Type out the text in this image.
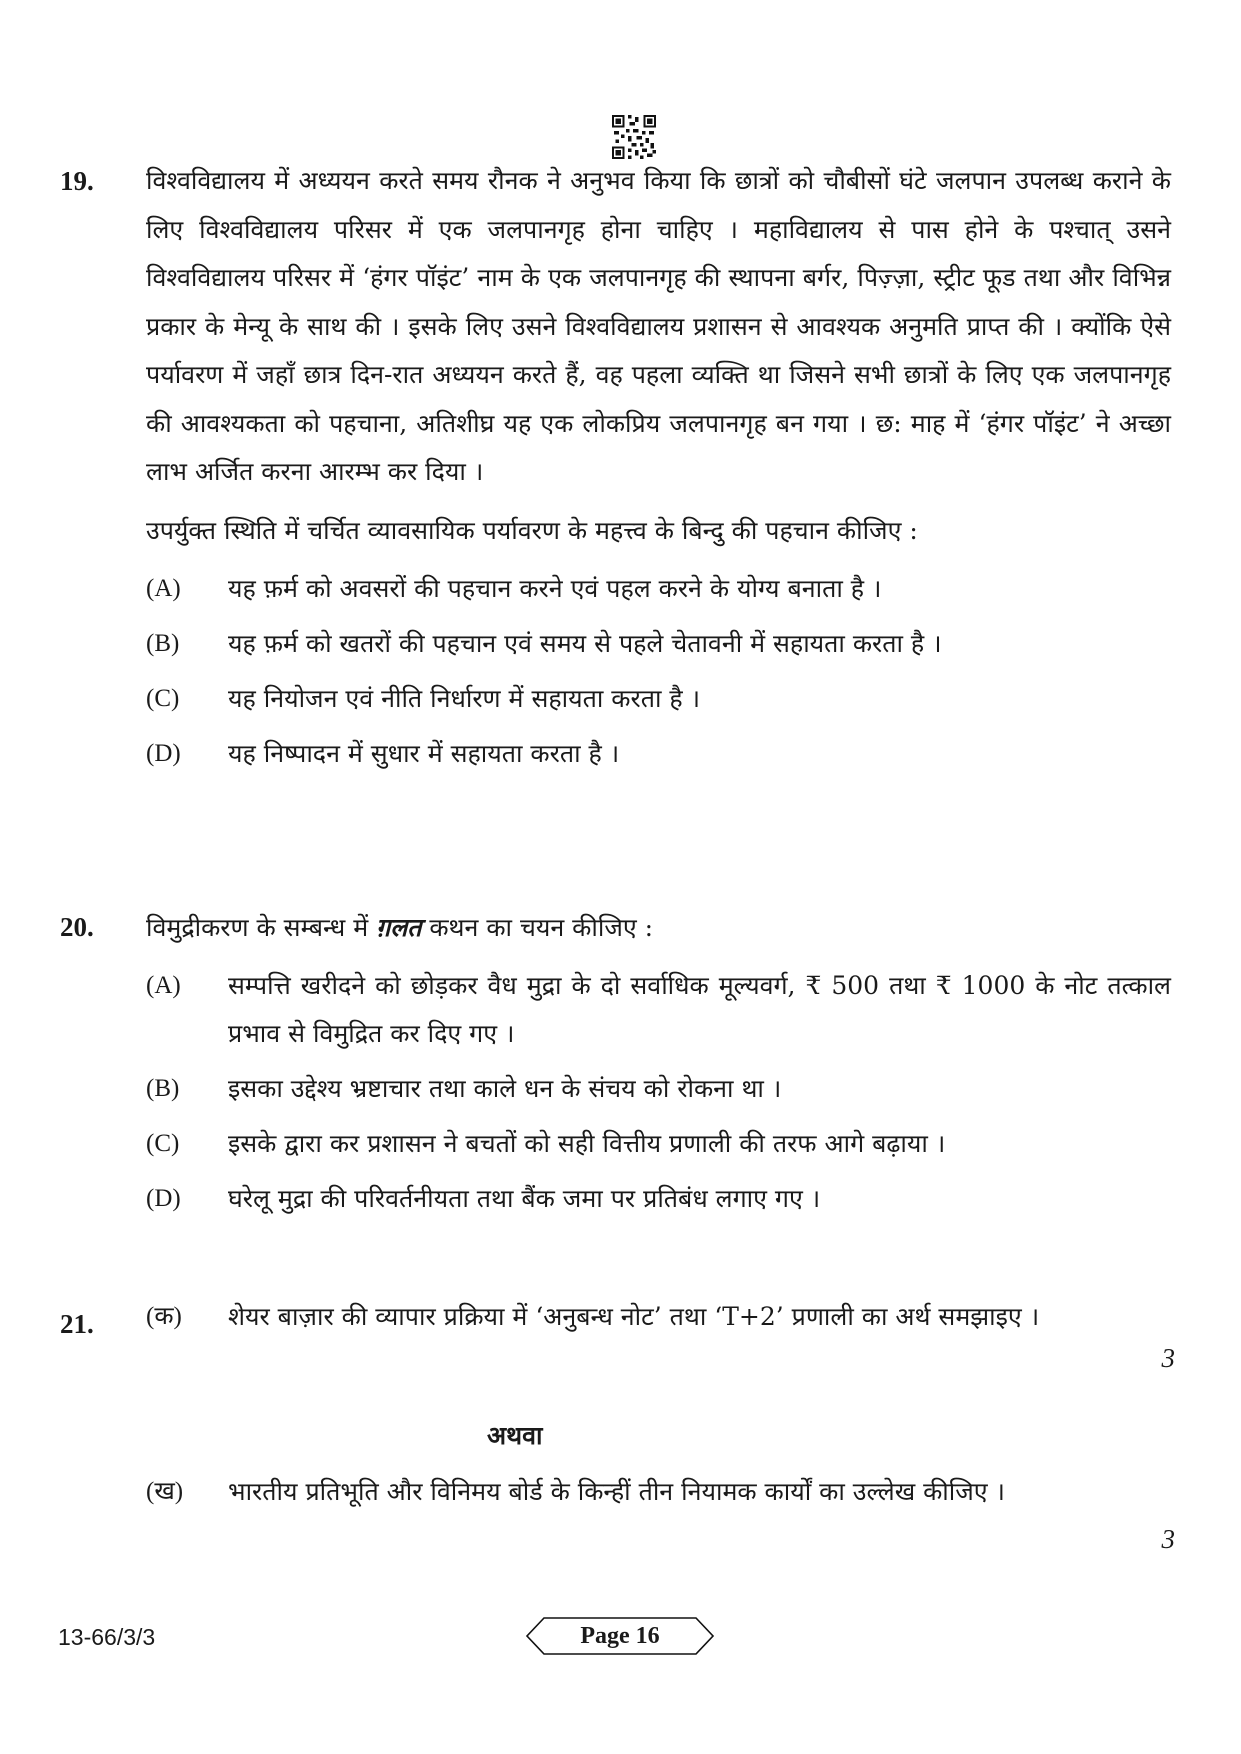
19. विश्वविद्यालय में अध्ययन करते समय रौनक ने अनुभव किया कि छात्रों को चौबीसों घंटे जलपान उपलब्ध कराने के लिए विश्वविद्यालय परिसर में एक जलपानगृह होना चाहिए । महाविद्यालय से पास होने के पश्चात् उसने विश्वविद्यालय परिसर में ‘हंगर पॉइंट’ नाम के एक जलपानगृह की स्थापना बर्गर, पिज़्ज़ा, स्ट्रीट फूड तथा और विभिन्न प्रकार के मेन्यू के साथ की । इसके लिए उसने विश्वविद्यालय प्रशासन से आवश्यक अनुमति प्राप्त की । क्योंकि ऐसे पर्यावरण में जहाँ छात्र दिन-रात अध्ययन करते हैं, वह पहला व्यक्ति था जिसने सभी छात्रों के लिए एक जलपानगृह की आवश्यकता को पहचाना, अतिशीघ्र यह एक लोकप्रिय जलपानगृह बन गया । छ: माह में ‘हंगर पॉइंट’ ने अच्छा लाभ अर्जित करना आरम्भ कर दिया ।
उपर्युक्त स्थिति में चर्चित व्यावसायिक पर्यावरण के महत्त्व के बिन्दु की पहचान कीजिए :
(A) यह फ़र्म को अवसरों की पहचान करने एवं पहल करने के योग्य बनाता है ।
(B) यह फ़र्म को खतरों की पहचान एवं समय से पहले चेतावनी में सहायता करता है ।
(C) यह नियोजन एवं नीति निर्धारण में सहायता करता है ।
(D) यह निष्पादन में सुधार में सहायता करता है ।
20. विमुद्रीकरण के सम्बन्ध में ग़लत कथन का चयन कीजिए :
(A) सम्पत्ति खरीदने को छोड़कर वैध मुद्रा के दो सर्वाधिक मूल्यवर्ग, ₹ 500 तथा ₹ 1000 के नोट तत्काल प्रभाव से विमुद्रित कर दिए गए ।
(B) इसका उद्देश्य भ्रष्टाचार तथा काले धन के संचय को रोकना था ।
(C) इसके द्वारा कर प्रशासन ने बचतों को सही वित्तीय प्रणाली की तरफ आगे बढ़ाया ।
(D) घरेलू मुद्रा की परिवर्तनीयता तथा बैंक जमा पर प्रतिबंध लगाए गए ।
21. (क) शेयर बाज़ार की व्यापार प्रक्रिया में ‘अनुबन्ध नोट’ तथा ‘T+2’ प्रणाली का अर्थ समझाइए ।
3
अथवा
(ख) भारतीय प्रतिभूति और विनिमय बोर्ड के किन्हीं तीन नियामक कार्यों का उल्लेख कीजिए ।
3
13-66/3/3	Page 16
